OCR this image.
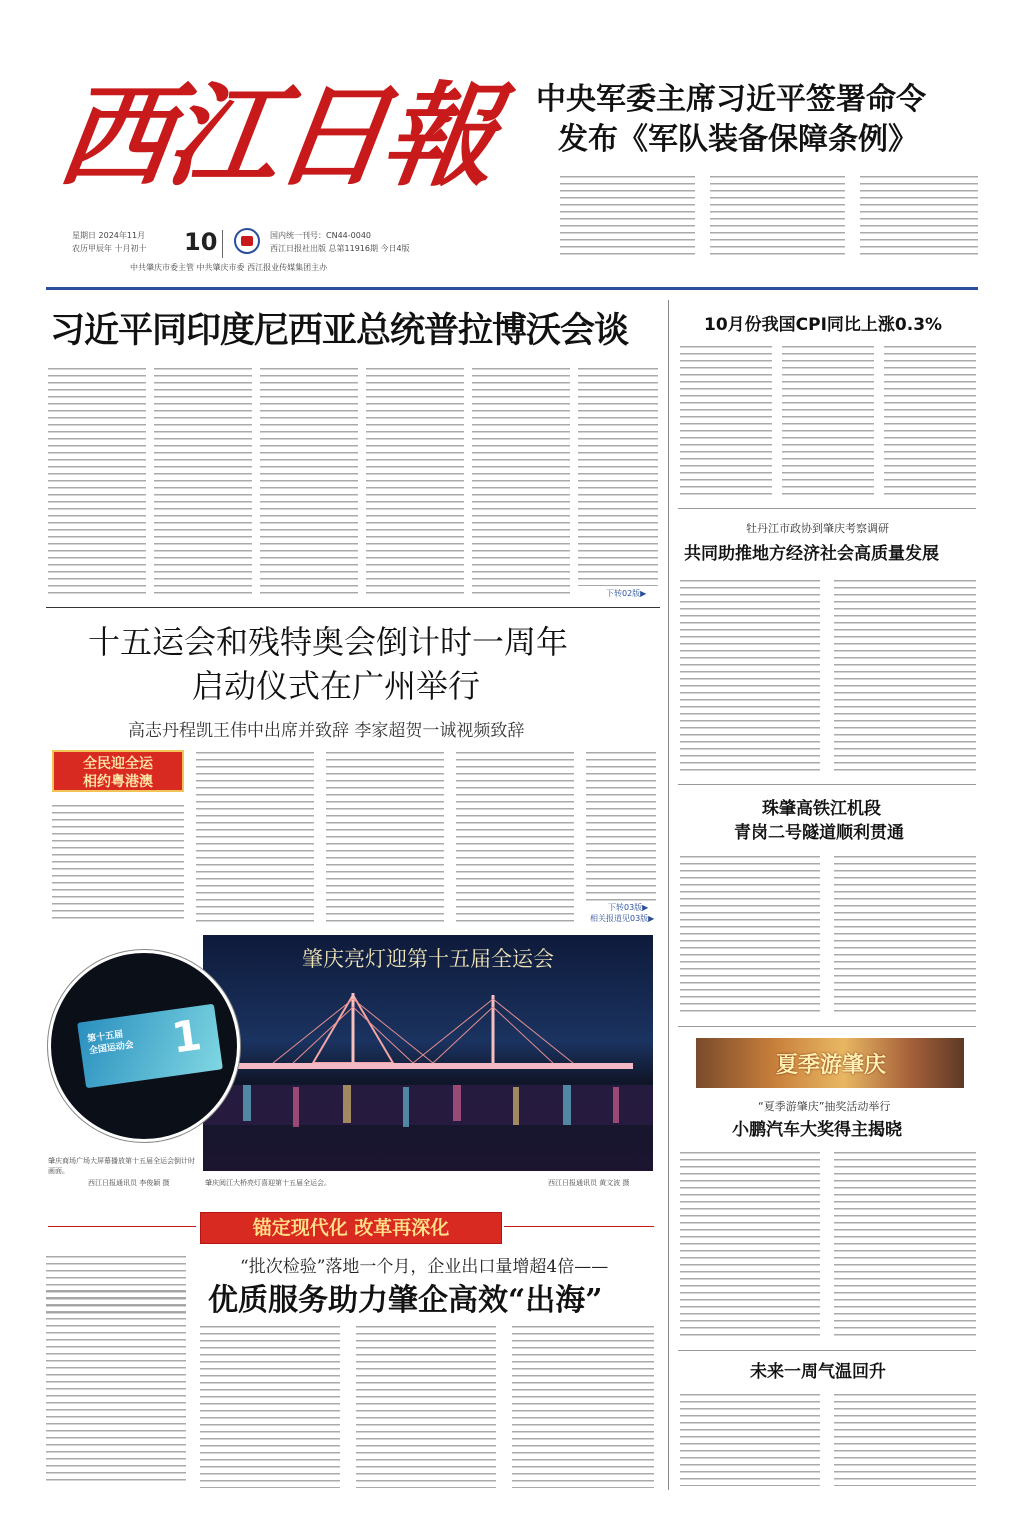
西江日報
星期日 2024年11月
农历甲辰年 十月初十 10	国内统一刊号：CN44-0040
西江日报社出版 总第11916期 今日4版
中共肇庆市委主管 中共肇庆市委 西江报业传媒集团主办
中央军委主席习近平签署命令
发布《军队装备保障条例》
习近平同印度尼西亚总统普拉博沃会谈
下转02版▶
十五运会和残特奥会倒计时一周年
启动仪式在广州举行
高志丹程凯王伟中出席并致辞 李家超贺一诚视频致辞
全民迎全运
相约粤港澳
下转03版▶
相关报道见03版▶
肇庆亮灯迎第十五届全运会
第十五届
全国运动会 1
肇庆商场广场大屏幕播放第十五届全运会倒计时画面。
西江日报通讯员 李俊颖 摄	肇庆阅江大桥亮灯喜迎第十五届全运会。	西江日报通讯员 黄文波 摄
锚定现代化 改革再深化
“批次检验”落地一个月，企业出口量增超4倍——
优质服务助力肇企高效“出海”
10月份我国CPI同比上涨0.3%
牡丹江市政协到肇庆考察调研
共同助推地方经济社会高质量发展
珠肇高铁江机段
青岗二号隧道顺利贯通
夏季游肇庆
“夏季游肇庆”抽奖活动举行
小鹏汽车大奖得主揭晓
未来一周气温回升
